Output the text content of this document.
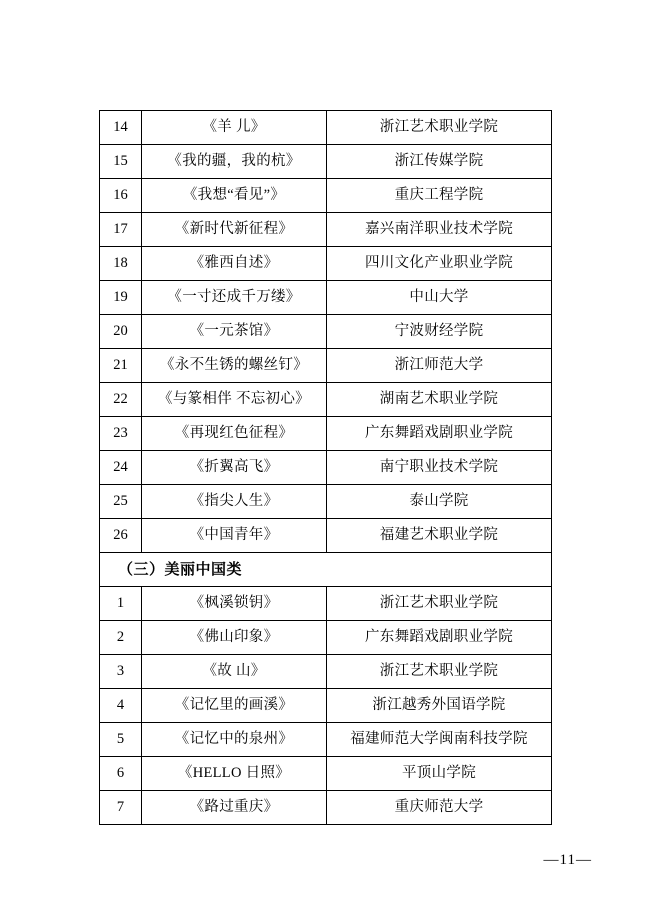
14	《羊 儿》	浙江艺术职业学院
15	《我的疆，我的杭》	浙江传媒学院
16	《我想“看见”》	重庆工程学院
17	《新时代新征程》	嘉兴南洋职业技术学院
18	《雅西自述》	四川文化产业职业学院
19	《一寸还成千万缕》	中山大学
20	《一元茶馆》	宁波财经学院
21	《永不生锈的螺丝钉》	浙江师范大学
22	《与篆相伴 不忘初心》	湖南艺术职业学院
23	《再现红色征程》	广东舞蹈戏剧职业学院
24	《折翼高飞》	南宁职业技术学院
25	《指尖人生》	泰山学院
26	《中国青年》	福建艺术职业学院
（三）美丽中国类		
1	《枫溪锁钥》	浙江艺术职业学院
2	《佛山印象》	广东舞蹈戏剧职业学院
3	《故 山》	浙江艺术职业学院
4	《记忆里的画溪》	浙江越秀外国语学院
5	《记忆中的泉州》	福建师范大学闽南科技学院
6	《HELLO 日照》	平顶山学院
7	《路过重庆》	重庆师范大学
—11—
